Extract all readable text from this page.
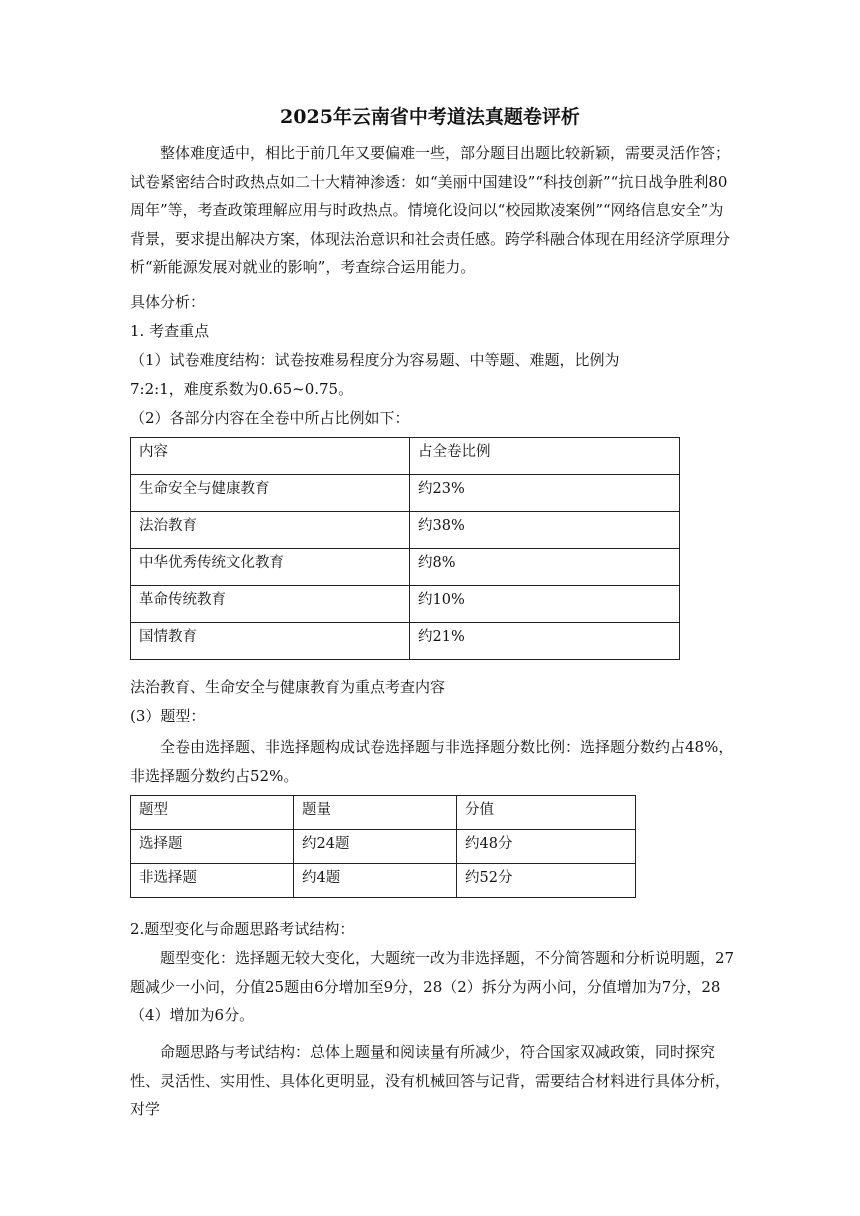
2025年云南省中考道法真题卷评析

整体难度适中，相比于前几年又要偏难一些，部分题目出题比较新颖，需要灵活作答；试卷紧密结合时政热点如二十大精神渗透：如“美丽中国建设”“科技创新”“抗日战争胜利80周年”等，考查政策理解应用与时政热点。情境化设问以“校园欺凌案例”“网络信息安全”为背景，要求提出解决方案，体现法治意识和社会责任感。跨学科融合体现在用经济学原理分析“新能源发展对就业的影响”，考查综合运用能力。

具体分析：
1. 考查重点
（1）试卷难度结构：试卷按难易程度分为容易题、中等题、难题，比例为
7:2:1，难度系数为0.65~0.75。
（2）各部分内容在全卷中所占比例如下：
内容	占全卷比例
生命安全与健康教育	约23%
法治教育	约38%
中华优秀传统文化教育	约8%
革命传统教育	约10%
国情教育	约21%
法治教育、生命安全与健康教育为重点考查内容
(3）题型：

全卷由选择题、非选择题构成试卷选择题与非选择题分数比例：选择题分数约占48%，非选择题分数约占52%。

题型	题量	分值
选择题	约24题	约48分
非选择题	约4题	约52分
2.题型变化与命题思路考试结构：

题型变化：选择题无较大变化，大题统一改为非选择题，不分简答题和分析说明题，27题减少一小问，分值25题由6分增加至9分，28（2）拆分为两小问，分值增加为7分，28（4）增加为6分。

命题思路与考试结构：总体上题量和阅读量有所减少，符合国家双减政策，同时探究性、灵活性、实用性、具体化更明显，没有机械回答与记背，需要结合材料进行具体分析，对学
